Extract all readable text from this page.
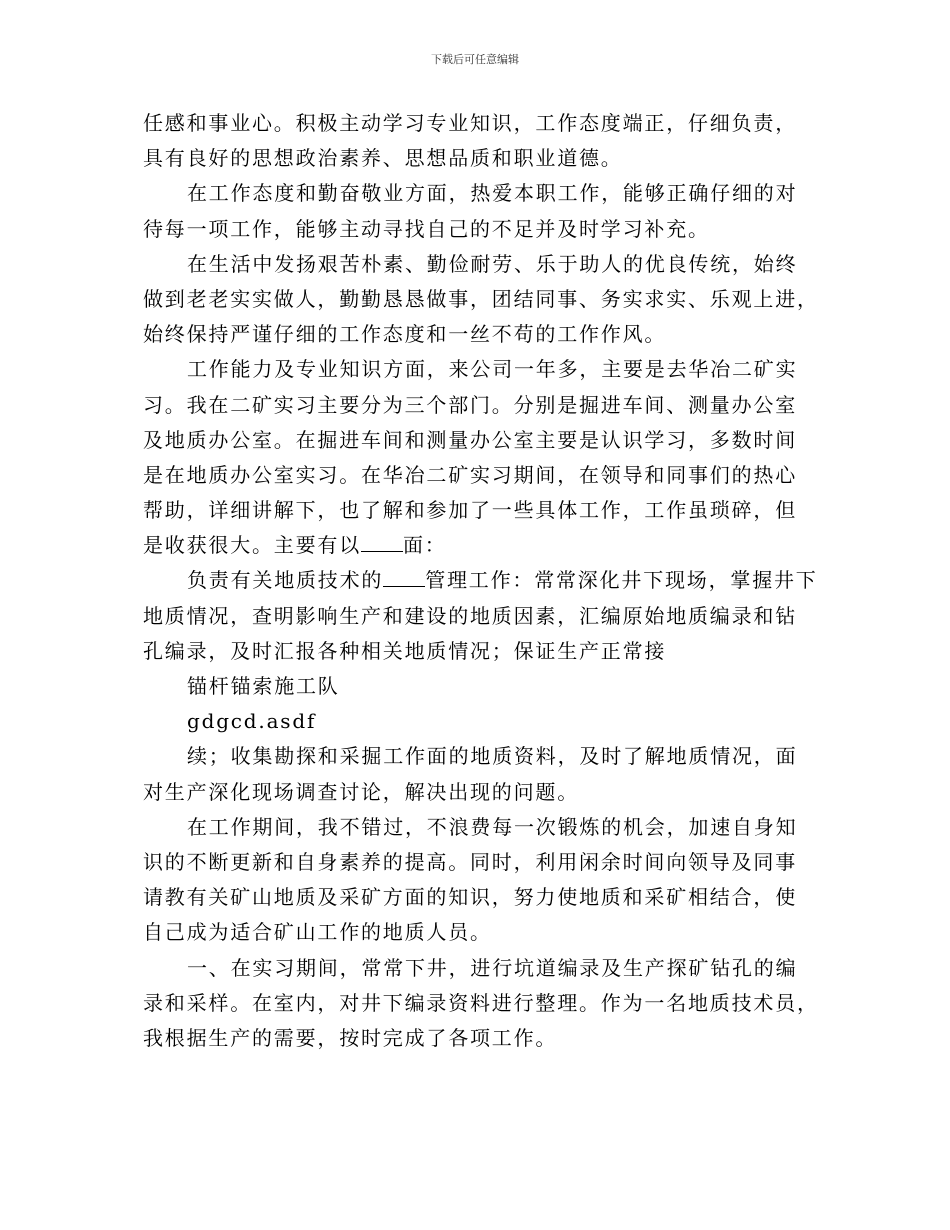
下载后可任意编辑
任感和事业心。积极主动学习专业知识，工作态度端正，仔细负责，
具有良好的思想政治素养、思想品质和职业道德。
在工作态度和勤奋敬业方面，热爱本职工作，能够正确仔细的对
待每一项工作，能够主动寻找自己的不足并及时学习补充。
在生活中发扬艰苦朴素、勤俭耐劳、乐于助人的优良传统，始终
做到老老实实做人，勤勤恳恳做事，团结同事、务实求实、乐观上进，
始终保持严谨仔细的工作态度和一丝不苟的工作作风。
工作能力及专业知识方面，来公司一年多，主要是去华冶二矿实
习。我在二矿实习主要分为三个部门。分别是掘进车间、测量办公室
及地质办公室。在掘进车间和测量办公室主要是认识学习，多数时间
是在地质办公室实习。在华冶二矿实习期间，在领导和同事们的热心
帮助，详细讲解下，也了解和参加了一些具体工作，工作虽琐碎，但
是收获很大。主要有以 面：
负责有关地质技术的 管理工作：常常深化井下现场，掌握井下
地质情况，查明影响生产和建设的地质因素，汇编原始地质编录和钻
孔编录，及时汇报各种相关地质情况；保证生产正常接
锚杆锚索施工队
gdgcd.asdf
续；收集勘探和采掘工作面的地质资料，及时了解地质情况，面
对生产深化现场调查讨论，解决出现的问题。
在工作期间，我不错过，不浪费每一次锻炼的机会，加速自身知
识的不断更新和自身素养的提高。同时，利用闲余时间向领导及同事
请教有关矿山地质及采矿方面的知识，努力使地质和采矿相结合，使
自己成为适合矿山工作的地质人员。
一、在实习期间，常常下井，进行坑道编录及生产探矿钻孔的编
录和采样。在室内，对井下编录资料进行整理。作为一名地质技术员，
我根据生产的需要，按时完成了各项工作。
